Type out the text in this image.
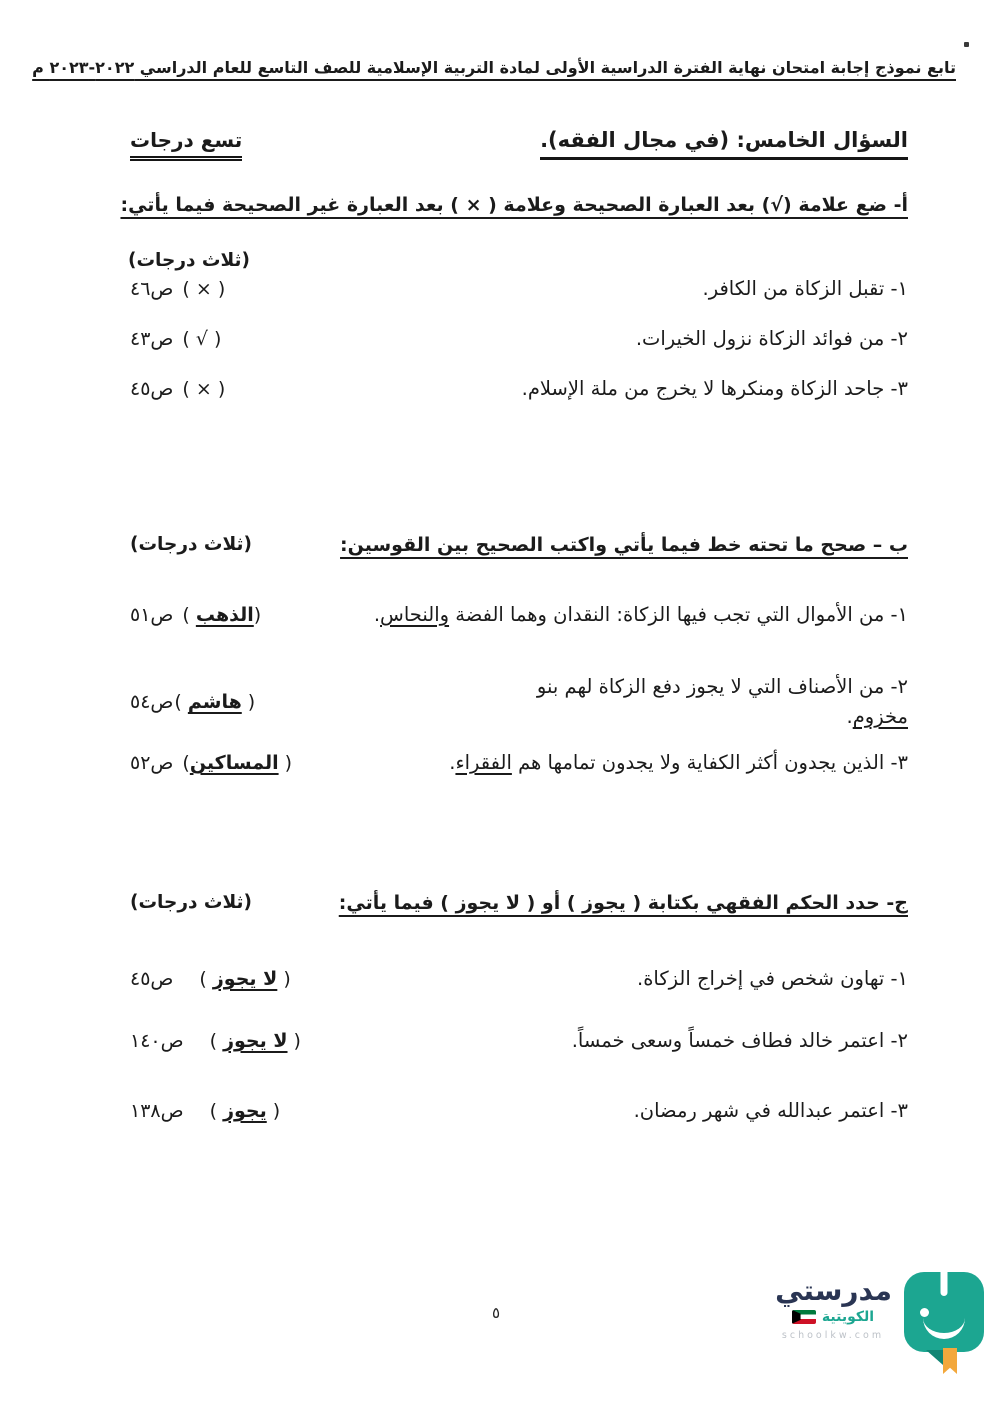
تابع نموذج إجابة امتحان نهاية الفترة الدراسية الأولى لمادة التربية الإسلامية للصف التاسع للعام الدراسي ٢٠٢٢-٢٠٢٣ م
السؤال الخامس: (في مجال الفقه).
تسع درجات
أ- ضع علامة (√) بعد العبارة الصحيحة وعلامة ( × ) بعد العبارة غير الصحيحة فيما يأتي:
(ثلاث درجات)
١- تقبل الزكاة من الكافر.
( × )ص٤٦
٢- من فوائد الزكاة نزول الخيرات.
( √ )ص٤٣
٣- جاحد الزكاة ومنكرها لا يخرج من ملة الإسلام.
( × )ص٤٥
ب – صحح ما تحته خط فيما يأتي واكتب الصحيح بين القوسين:
(ثلاث درجات)
١- من الأموال التي تجب فيها الزكاة: النقدان وهما الفضة والنحاس.
(الذهب )ص٥١
٢- من الأصناف التي لا يجوز دفع الزكاة لهم بنو
مخزوم.
( هاشم )ص٥٤
٣- الذين يجدون أكثر الكفاية ولا يجدون تمامها هم الفقراء.
( المساكين)ص٥٢
ج- حدد الحكم الفقهي بكتابة ( يجوز ) أو ( لا يجوز ) فيما يأتي:
(ثلاث درجات)
١- تهاون شخص في إخراج الزكاة.
( لا يجوز )ص٤٥
٢- اعتمر خالد فطاف خمساً وسعى خمساً.
( لا يجوز )ص١٤٠
٣- اعتمر عبدالله في شهر رمضان.
( يجوز )ص١٣٨
مدرستي
الكويتية
schoolkw.com
٥
